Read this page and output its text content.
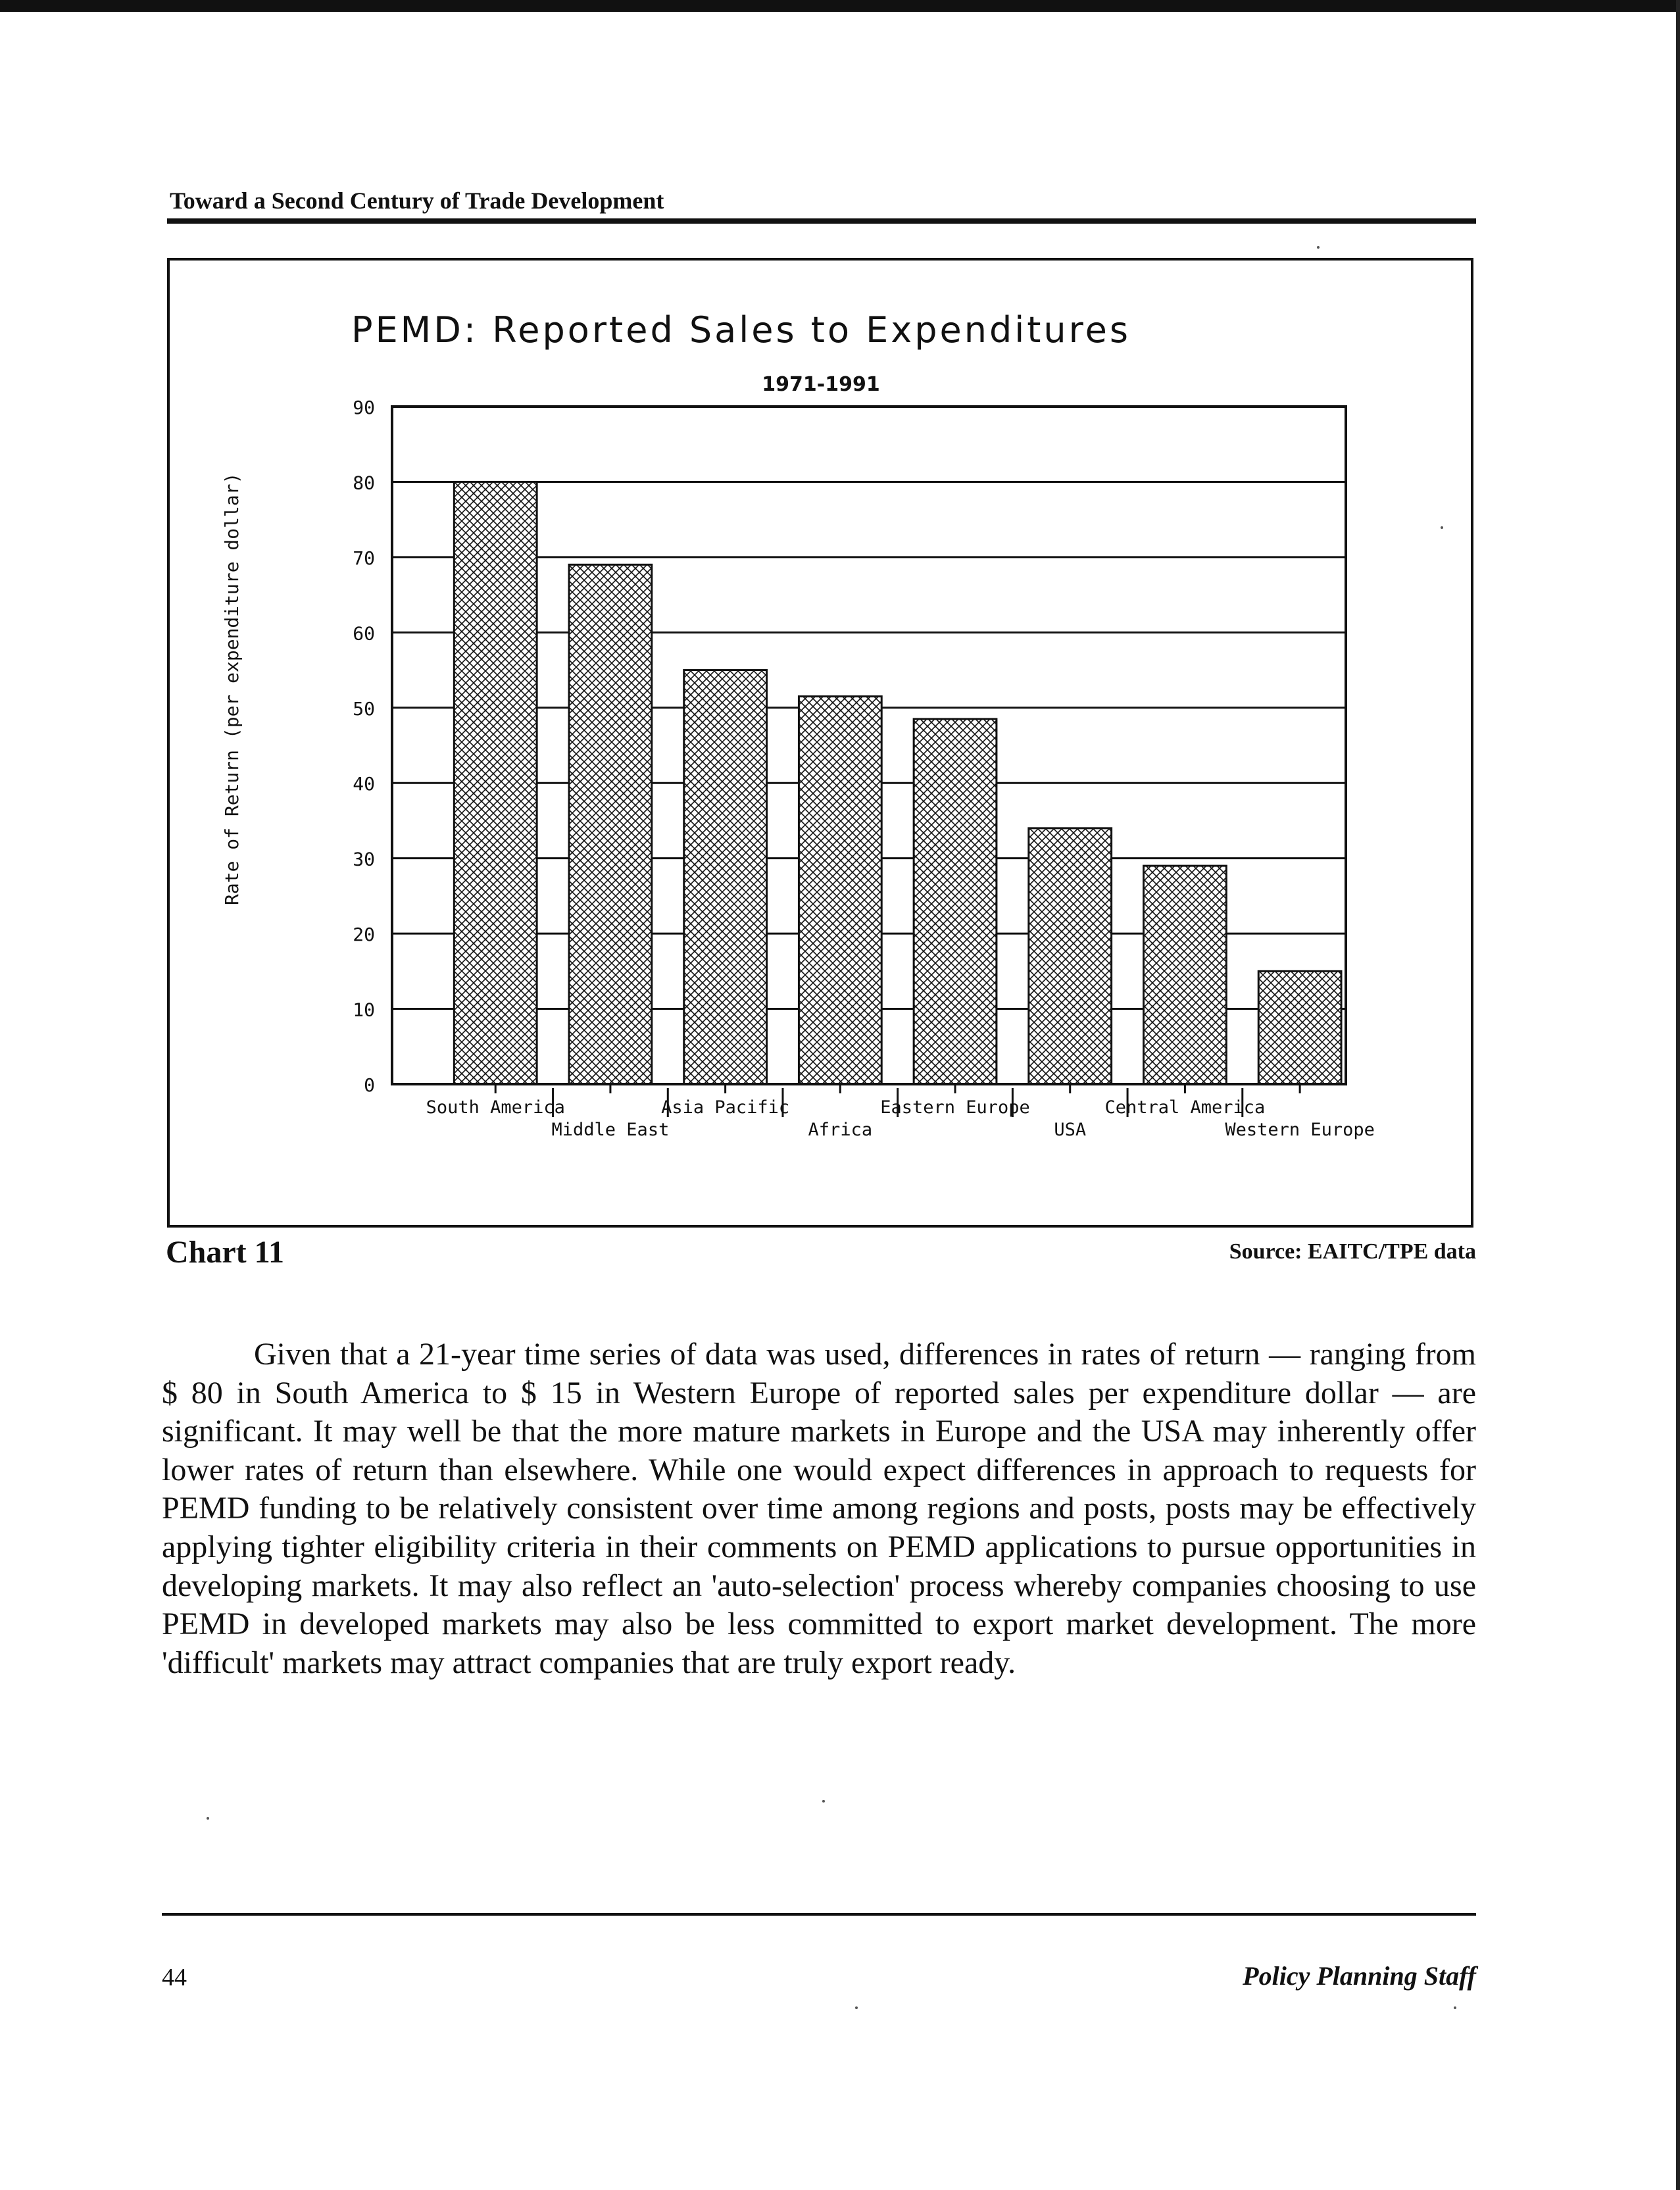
Toward a Second Century of Trade Development
PEMD: Reported Sales to Expenditures
1971-1991
Rate of Return (per expenditure dollar)
0
10
20
30
40
50
60
70
80
90
South America
Middle East
Asia Pacific
Africa
Eastern Europe
USA
Central America
Western Europe
Chart 11	Source: EAITC/TPE data
Given that a 21-year time series of data was used, differences in rates of return — ranging from $ 80 in South America to $ 15 in Western Europe of reported sales per expenditure dollar — are significant. It may well be that the more mature markets in Europe and the USA may inherently offer lower rates of return than elsewhere. While one would expect differences in approach to requests for PEMD funding to be relatively consistent over time among regions and posts, posts may be effectively applying tighter eligibility criteria in their comments on PEMD applications to pursue opportunities in developing markets. It may also reflect an 'auto-selection' process whereby companies choosing to use PEMD in developed markets may also be less committed to export market development. The more 'difficult' markets may attract companies that are truly export ready.
44	Policy Planning Staff
